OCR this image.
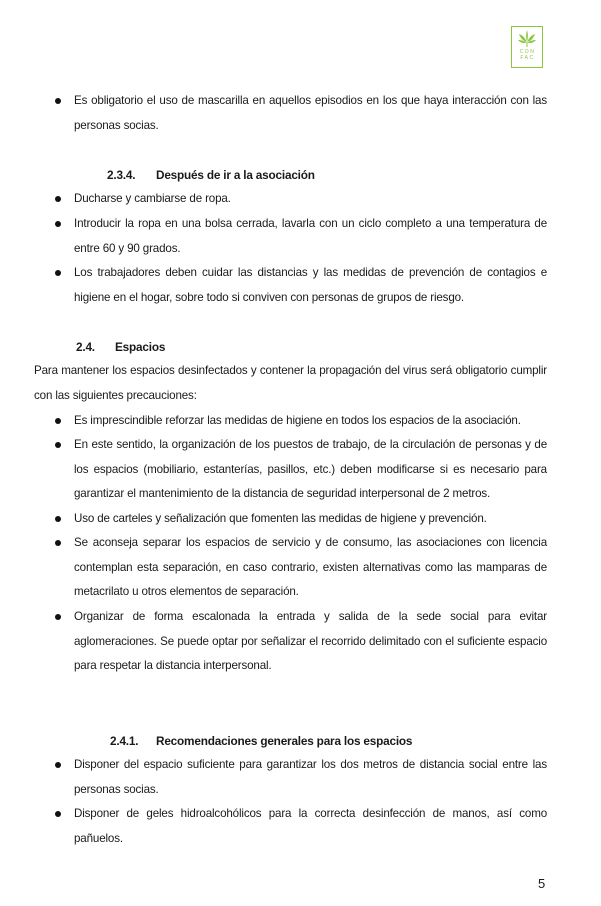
CON
FAC
Es obligatorio el uso de mascarilla en aquellos episodios en los que haya interacción con las personas socias.
2.3.4. Después de ir a la asociación
Ducharse y cambiarse de ropa.
Introducir la ropa en una bolsa cerrada, lavarla con un ciclo completo a una temperatura de entre 60 y 90 grados.
Los trabajadores deben cuidar las distancias y las medidas de prevención de contagios e higiene en el hogar, sobre todo si conviven con personas de grupos de riesgo.
2.4. Espacios
Para mantener los espacios desinfectados y contener la propagación del virus será obligatorio cumplir con las siguientes precauciones:
Es imprescindible reforzar las medidas de higiene en todos los espacios de la asociación.
En este sentido, la organización de los puestos de trabajo, de la circulación de personas y de los espacios (mobiliario, estanterías, pasillos, etc.) deben modificarse si es necesario para garantizar el mantenimiento de la distancia de seguridad interpersonal de 2 metros.
Uso de carteles y señalización que fomenten las medidas de higiene y prevención.
Se aconseja separar los espacios de servicio y de consumo, las asociaciones con licencia contemplan esta separación, en caso contrario, existen alternativas como las mamparas de metacrilato u otros elementos de separación.
Organizar de forma escalonada la entrada y salida de la sede social para evitar aglomeraciones. Se puede optar por señalizar el recorrido delimitado con el suficiente espacio para respetar la distancia interpersonal.
2.4.1. Recomendaciones generales para los espacios
Disponer del espacio suficiente para garantizar los dos metros de distancia social entre las personas socias.
Disponer de geles hidroalcohólicos para la correcta desinfección de manos, así como pañuelos.
5
